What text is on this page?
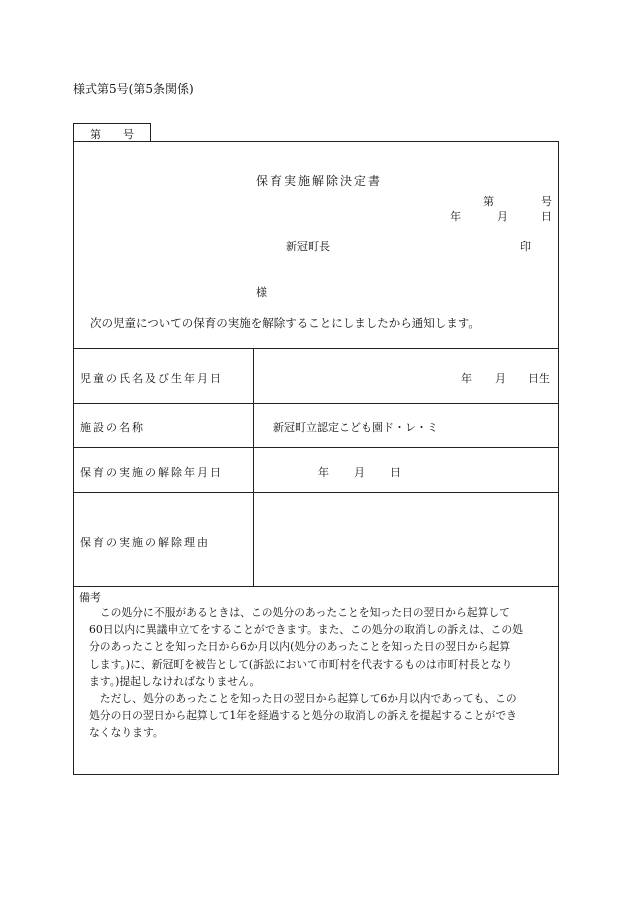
様式第5号(第5条関係)
第 号
保育実施解除決定書
第	号
年	月	日
新冠町長	印
様
次の児童についての保育の実施を解除することにしましたから通知します。
児童の氏名及び生年月日	年 月 日生
施設の名称	新冠町立認定こども園ド・レ・ミ
保育の実施の解除年月日	年 月 日
保育の実施の解除理由
備考
　この処分に不服があるときは、この処分のあったことを知った日の翌日から起算して
60日以内に異議申立てをすることができます。また、この処分の取消しの訴えは、この処
分のあったことを知った日から6か月以内(処分のあったことを知った日の翌日から起算
します。)に、新冠町を被告として(訴訟において市町村を代表するものは市町村長となり
ます。)提起しなければなりません。
　ただし、処分のあったことを知った日の翌日から起算して6か月以内であっても、この
処分の日の翌日から起算して1年を経過すると処分の取消しの訴えを提起することができ
なくなります。
